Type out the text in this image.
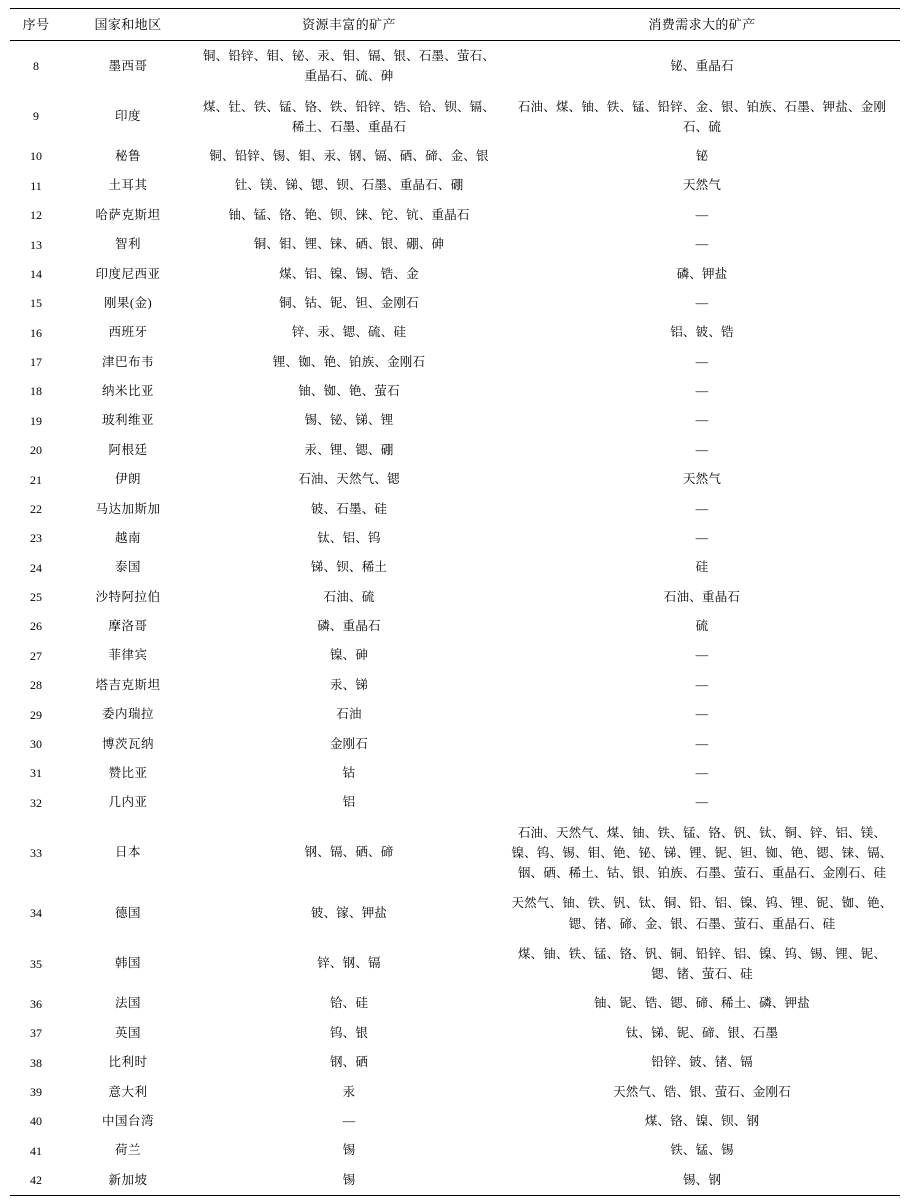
序号	国家和地区	资源丰富的矿产	消费需求大的矿产
8	墨西哥	铜、铅锌、钼、铋、汞、钼、镉、银、石墨、萤石、重晶石、硫、砷	铋、重晶石
9	印度	煤、钍、铁、锰、铬、铁、铅锌、锆、铪、钡、镉、稀土、石墨、重晶石	石油、煤、铀、铁、锰、铅锌、金、银、铂族、石墨、钾盐、金刚石、硫
10	秘鲁	铜、铅锌、锡、钼、汞、钢、镉、硒、碲、金、银	铋
11	土耳其	钍、镁、锑、锶、钡、石墨、重晶石、硼	天然气
12	哈萨克斯坦	铀、锰、铬、铯、钡、铼、铊、钪、重晶石	—
13	智利	铜、钼、锂、铼、硒、银、硼、砷	—
14	印度尼西亚	煤、铝、镍、锡、锆、金	磷、钾盐
15	刚果(金)	铜、钴、铌、钽、金刚石	—
16	西班牙	锌、汞、锶、硫、硅	铝、铍、锆
17	津巴布韦	锂、铷、铯、铂族、金刚石	—
18	纳米比亚	铀、铷、铯、萤石	—
19	玻利维亚	锡、铋、锑、锂	—
20	阿根廷	汞、锂、锶、硼	—
21	伊朗	石油、天然气、锶	天然气
22	马达加斯加	铍、石墨、硅	—
23	越南	钛、铝、钨	—
24	泰国	锑、钡、稀土	硅
25	沙特阿拉伯	石油、硫	石油、重晶石
26	摩洛哥	磷、重晶石	硫
27	菲律宾	镍、砷	—
28	塔吉克斯坦	汞、锑	—
29	委内瑞拉	石油	—
30	博茨瓦纳	金刚石	—
31	赞比亚	钴	—
32	几内亚	铝	—
33	日本	钢、镉、硒、碲	石油、天然气、煤、铀、铁、锰、铬、钒、钛、铜、锌、铝、镁、镍、钨、锡、钼、铯、铋、锑、锂、铌、钽、铷、铯、锶、铼、镉、铟、硒、稀土、钴、银、铂族、石墨、萤石、重晶石、金刚石、硅
34	德国	铍、镓、钾盐	天然气、铀、铁、钒、钛、铜、铅、铝、镍、钨、锂、铌、铷、铯、锶、锗、碲、金、银、石墨、萤石、重晶石、硅
35	韩国	锌、钢、镉	煤、铀、铁、锰、铬、钒、铜、铅锌、铝、镍、钨、锡、锂、铌、锶、锗、萤石、硅
36	法国	铪、硅	铀、铌、锆、锶、碲、稀土、磷、钾盐
37	英国	钨、银	钛、锑、铌、碲、银、石墨
38	比利时	钢、硒	铅锌、铍、锗、镉
39	意大利	汞	天然气、锆、银、萤石、金刚石
40	中国台湾	—	煤、铬、镍、钡、钢
41	荷兰	锡	铁、锰、锡
42	新加坡	锡	锡、钢
